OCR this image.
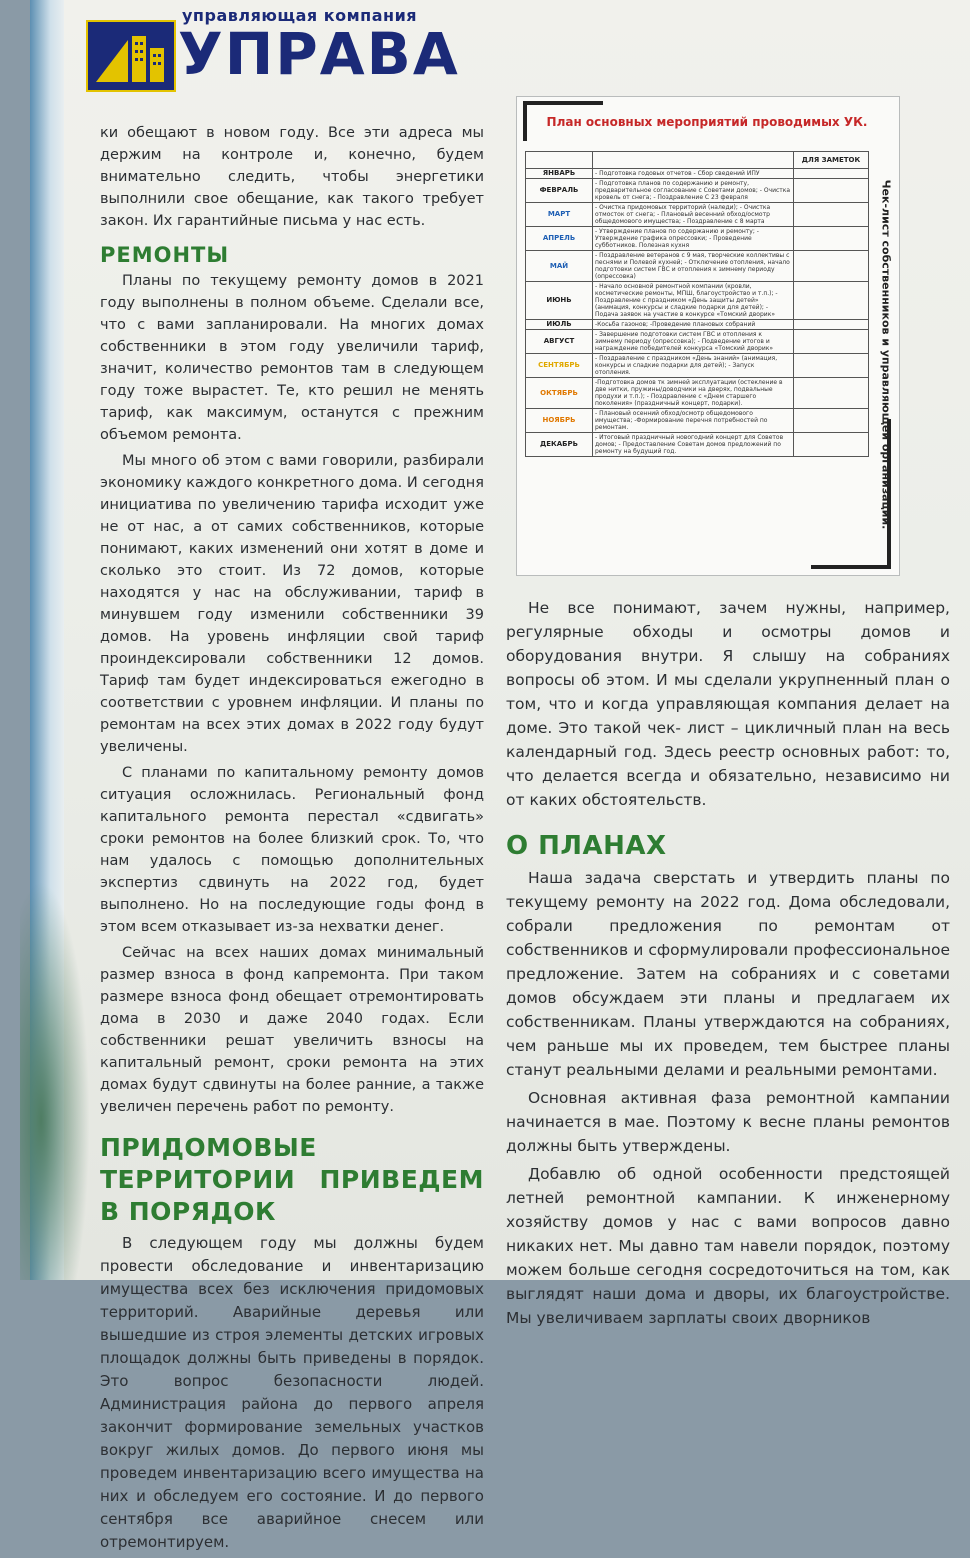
управляющая компания
УПРАВА

ки обещают в новом году. Все эти адреса мы держим на контроле и, конечно, будем внимательно следить, чтобы энергетики выполнили свое обещание, как такого требует закон. Их гарантийные письма у нас есть.

РЕМОНТЫ

Планы по текущему ремонту домов в 2021 году выполнены в полном объеме. Сделали все, что с вами запланировали. На многих домах собственники в этом году увеличили тариф, значит, количество ремонтов там в следующем году тоже вырастет. Те, кто решил не менять тариф, как максимум, останутся с прежним объемом ремонта.

Мы много об этом с вами говорили, разбирали экономику каждого конкретного дома. И сегодня инициатива по увеличению тарифа исходит уже не от нас, а от самих собственников, которые понимают, каких изменений они хотят в доме и сколько это стоит. Из 72 домов, которые находятся у нас на обслуживании, тариф в минувшем году изменили собственники 39 домов. На уровень инфляции свой тариф проиндексировали собственники 12 домов. Тариф там будет индексироваться ежегодно в соответствии с уровнем инфляции. И планы по ремонтам на всех этих домах в 2022 году будут увеличены.

С планами по капитальному ремонту домов ситуация осложнилась. Региональный фонд капитального ремонта перестал «сдвигать» сроки ремонтов на более близкий срок. То, что нам удалось с помощью дополнительных экспертиз сдвинуть на 2022 год, будет выполнено. Но на последующие годы фонд в этом всем отказывает из-за нехватки денег.

Сейчас на всех наших домах минимальный размер взноса в фонд капремонта. При таком размере взноса фонд обещает отремонтировать дома в 2030 и даже 2040 годах. Если собственники решат увеличить взносы на капитальный ремонт, сроки ремонта на этих домах будут сдвинуты на более ранние, а также увеличен перечень работ по ремонту.

ПРИДОМОВЫЕ ТЕРРИТОРИИ ПРИВЕДЕМ В ПОРЯДОК

В следующем году мы должны будем провести обследование и инвентаризацию имущества всех без исключения придомовых территорий. Аварийные деревья или вышедшие из строя элементы детских игровых площадок должны быть приведены в порядок. Это вопрос безопасности людей. Администрация района до первого апреля закончит формирование земельных участков вокруг жилых домов. До первого июня мы проведем инвентаризацию всего имущества на них и обследуем его состояние. И до первого сентября все аварийное снесем или отремонтируем.

План основных мероприятий проводимых УК.
		ДЛЯ ЗАМЕТОК
ЯНВАРЬ	- Подготовка годовых отчетов - Сбор сведений ИПУ	
ФЕВРАЛЬ	- Подготовка планов по содержанию и ремонту, предварительное согласование с Советами домов; - Очистка кровель от снега; - Поздравление С 23 февраля	
МАРТ	- Очистка придомовых территорий (наледи); - Очистка отмосток от снега; - Плановый весенний обход/осмотр общедомового имущества; - Поздравление с 8 марта	
АПРЕЛЬ	- Утверждение планов по содержанию и ремонту; - Утверждение графика опрессовки; - Проведение субботников. Полезная кухня	
МАЙ	- Поздравление ветеранов с 9 мая, творческие коллективы с песнями и Полевой кухней; - Отключение отопления, начало подготовки систем ГВС и отопления к зимнему периоду (опрессовка)	
ИЮНЬ	- Начало основной ремонтной компании (кровли, косметические ремонты, МПШ, благоустройство и т.п.); - Поздравление с праздником «День защиты детей» (анимация, конкурсы и сладкие подарки для детей); - Подача заявок на участие в конкурсе «Томский дворик»	
ИЮЛЬ	-Косьба газонов; -Проведение плановых собраний	
АВГУСТ	- Завершение подготовки систем ГВС и отопления к зимнему периоду (опрессовка); - Подведение итогов и награждение победителей конкурса «Томский дворик»	
СЕНТЯБРЬ	- Поздравление с праздником «День знаний» (анимация, конкурсы и сладкие подарки для детей); - Запуск отопления.	
ОКТЯБРЬ	-Подготовка домов тк зимней эксплуатации (остекление в две нитки, пружины/доводчики на дверях, подвальные продухи и т.п.); - Поздравление с «Днем старшего поколения» (праздничный концерт, подарки).	
НОЯБРЬ	- Плановый осенний обход/осмотр общедомового имущества; -Формирование перечня потребностей по ремонтам.	
ДЕКАБРЬ	- Итоговый праздничный новогодний концерт для Советов домов; - Предоставление Советам домов предложений по ремонту на будущий год.		Чек-лист собственников и управляющей организации.

Не все понимают, зачем нужны, например, регулярные обходы и осмотры домов и оборудования внутри. Я слышу на собраниях вопросы об этом. И мы сделали укрупненный план о том, что и когда управляющая компания делает на доме. Это такой чек- лист – цикличный план на весь календарный год. Здесь реестр основных работ: то, что делается всегда и обязательно, независимо ни от каких обстоятельств.

О ПЛАНАХ

Наша задача сверстать и утвердить планы по текущему ремонту на 2022 год. Дома обследовали, собрали предложения по ремонтам от собственников и сформулировали профессиональное предложение. Затем на собраниях и с советами домов обсуждаем эти планы и предлагаем их собственникам. Планы утверждаются на собраниях, чем раньше мы их проведем, тем быстрее планы станут реальными делами и реальными ремонтами.

Основная активная фаза ремонтной кампании начинается в мае. Поэтому к весне планы ремонтов должны быть утверждены.

Добавлю об одной особенности предстоящей летней ремонтной кампании. К инженерному хозяйству домов у нас с вами вопросов давно никаких нет. Мы давно там навели порядок, поэтому можем больше сегодня сосредоточиться на том, как выглядят наши дома и дворы, их благоустройстве. Мы увеличиваем зарплаты своих дворников
